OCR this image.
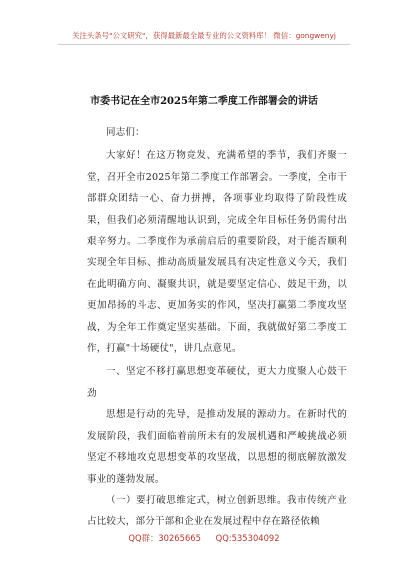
关注头条号"公文研究"，获得最新最全最专业的公文资料库！ 微信：gongwenyj
市委书记在全市2025年第二季度工作部署会的讲话

同志们：

大家好！在这万物竞发、充满希望的季节，我们齐聚一堂，召开全市2025年第二季度工作部署会。一季度，全市干部群众团结一心、奋力拼搏，各项事业均取得了阶段性成果，但我们必须清醒地认识到，完成全年目标任务仍需付出艰辛努力。二季度作为承前启后的重要阶段，对于能否顺利实现全年目标、推动高质量发展具有决定性意义今天，我们在此明确方向、凝聚共识，就是要坚定信心、鼓足干劲，以更加昂扬的斗志、更加务实的作风，坚决打赢第二季度攻坚战，为全年工作奠定坚实基础。下面，我就做好第二季度工作，打赢"十场硬仗"，讲几点意见。

一、坚定不移打赢思想变革硬仗，更大力度聚人心鼓干劲

思想是行动的先导，是推动发展的源动力。在新时代的发展阶段，我们面临着前所未有的发展机遇和严峻挑战必须坚定不移地攻克思想变革的攻坚战，以思想的彻底解放激发事业的蓬勃发展。

（一）要打破思维定式，树立创新思维。我市传统产业占比较大，部分干部和企业在发展过程中存在路径依赖

QQ群：30265665 QQ:535304092
